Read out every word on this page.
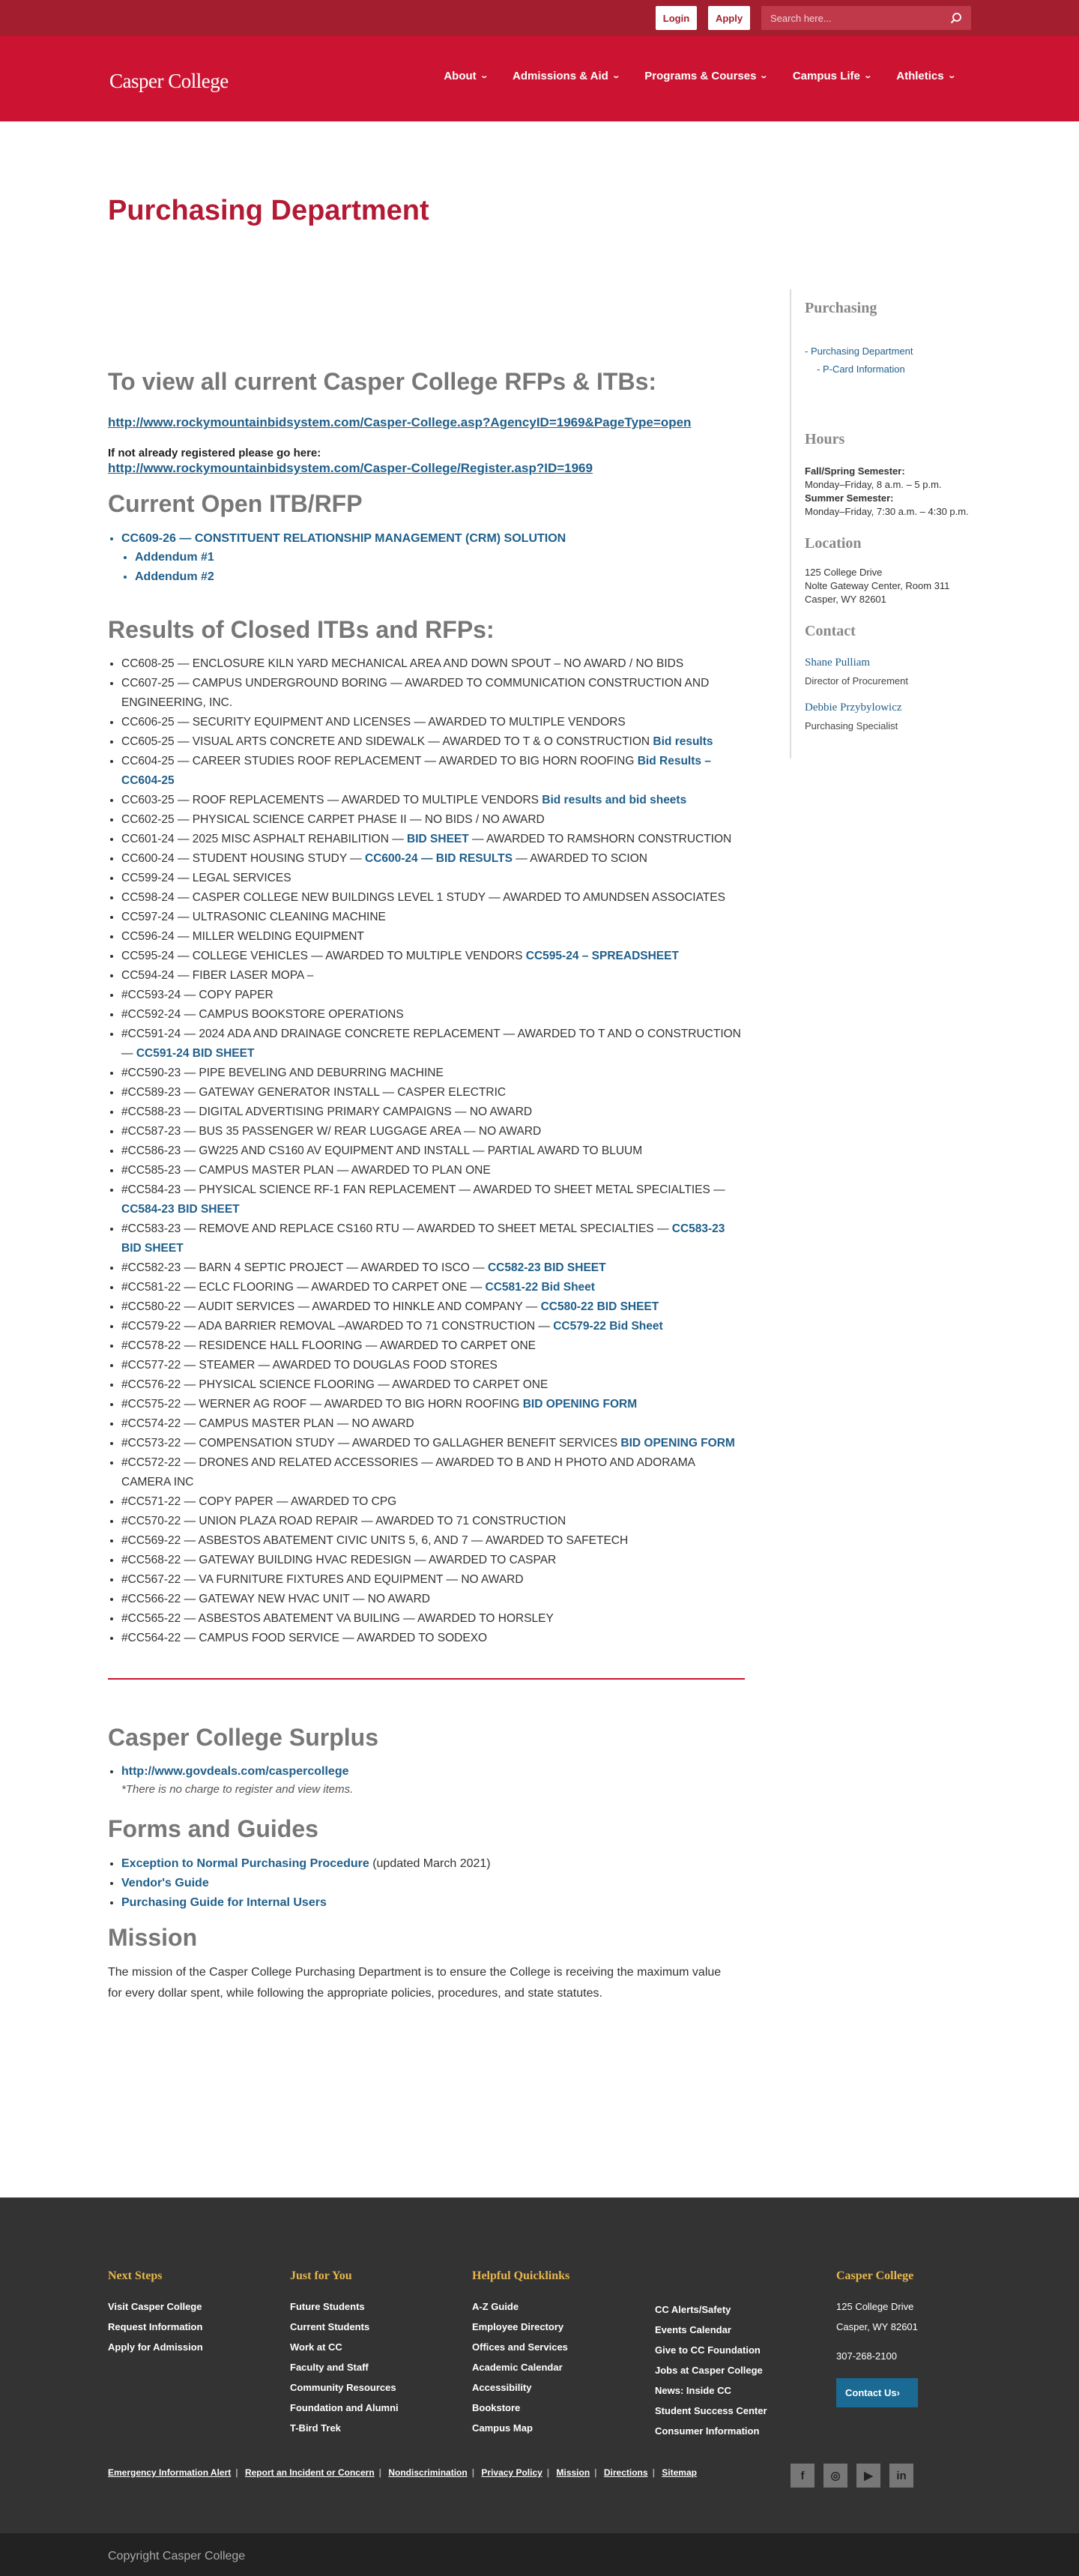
Login	Apply
Search here...
Casper College	About ⌄ Admissions & Aid ⌄ Programs & Courses ⌄ Campus Life ⌄ Athletics ⌄
Purchasing Department
To view all current Casper College RFPs & ITBs:
http://www.rockymountainbidsystem.com/Casper-College.asp?AgencyID=1969&PageType=open

If not already registered please go here:

http://www.rockymountainbidsystem.com/Casper-College/Register.asp?ID=1969
Current Open ITB/RFP
• CC609-26 — CONSTITUENT RELATIONSHIP MANAGEMENT (CRM) SOLUTION
• Addendum #1
• Addendum #2
Results of Closed ITBs and RFPs:
• CC608-25 — ENCLOSURE KILN YARD MECHANICAL AREA AND DOWN SPOUT – NO AWARD / NO BIDS
• CC607-25 — CAMPUS UNDERGROUND BORING — AWARDED TO COMMUNICATION CONSTRUCTION AND ENGINEERING, INC.
• CC606-25 — SECURITY EQUIPMENT AND LICENSES — AWARDED TO MULTIPLE VENDORS
• CC605-25 — VISUAL ARTS CONCRETE AND SIDEWALK — AWARDED TO T & O CONSTRUCTION Bid results
• CC604-25 — CAREER STUDIES ROOF REPLACEMENT — AWARDED TO BIG HORN ROOFING Bid Results – CC604-25
• CC603-25 — ROOF REPLACEMENTS — AWARDED TO MULTIPLE VENDORS Bid results and bid sheets
• CC602-25 — PHYSICAL SCIENCE CARPET PHASE II — NO BIDS / NO AWARD
• CC601-24 — 2025 MISC ASPHALT REHABILITION — BID SHEET — AWARDED TO RAMSHORN CONSTRUCTION
• CC600-24 — STUDENT HOUSING STUDY — CC600-24 — BID RESULTS — AWARDED TO SCION
• CC599-24 — LEGAL SERVICES
• CC598-24 — CASPER COLLEGE NEW BUILDINGS LEVEL 1 STUDY — AWARDED TO AMUNDSEN ASSOCIATES
• CC597-24 — ULTRASONIC CLEANING MACHINE
• CC596-24 — MILLER WELDING EQUIPMENT
• CC595-24 — COLLEGE VEHICLES — AWARDED TO MULTIPLE VENDORS CC595-24 – SPREADSHEET
• CC594-24 — FIBER LASER MOPA –
• #CC593-24 — COPY PAPER
• #CC592-24 — CAMPUS BOOKSTORE OPERATIONS
• #CC591-24 — 2024 ADA AND DRAINAGE CONCRETE REPLACEMENT — AWARDED TO T AND O CONSTRUCTION — CC591-24 BID SHEET
• #CC590-23 — PIPE BEVELING AND DEBURRING MACHINE
• #CC589-23 — GATEWAY GENERATOR INSTALL — CASPER ELECTRIC
• #CC588-23 — DIGITAL ADVERTISING PRIMARY CAMPAIGNS — NO AWARD
• #CC587-23 — BUS 35 PASSENGER W/ REAR LUGGAGE AREA — NO AWARD
• #CC586-23 — GW225 AND CS160 AV EQUIPMENT AND INSTALL — PARTIAL AWARD TO BLUUM
• #CC585-23 — CAMPUS MASTER PLAN — AWARDED TO PLAN ONE
• #CC584-23 — PHYSICAL SCIENCE RF-1 FAN REPLACEMENT — AWARDED TO SHEET METAL SPECIALTIES — CC584-23 BID SHEET
• #CC583-23 — REMOVE AND REPLACE CS160 RTU — AWARDED TO SHEET METAL SPECIALTIES — CC583-23 BID SHEET
• #CC582-23 — BARN 4 SEPTIC PROJECT — AWARDED TO ISCO — CC582-23 BID SHEET
• #CC581-22 — ECLC FLOORING — AWARDED TO CARPET ONE — CC581-22 Bid Sheet
• #CC580-22 — AUDIT SERVICES — AWARDED TO HINKLE AND COMPANY — CC580-22 BID SHEET
• #CC579-22 — ADA BARRIER REMOVAL –AWARDED TO 71 CONSTRUCTION — CC579-22 Bid Sheet
• #CC578-22 — RESIDENCE HALL FLOORING — AWARDED TO CARPET ONE
• #CC577-22 — STEAMER — AWARDED TO DOUGLAS FOOD STORES
• #CC576-22 — PHYSICAL SCIENCE FLOORING — AWARDED TO CARPET ONE
• #CC575-22 — WERNER AG ROOF — AWARDED TO BIG HORN ROOFING BID OPENING FORM
• #CC574-22 — CAMPUS MASTER PLAN — NO AWARD
• #CC573-22 — COMPENSATION STUDY — AWARDED TO GALLAGHER BENEFIT SERVICES BID OPENING FORM
• #CC572-22 — DRONES AND RELATED ACCESSORIES — AWARDED TO B AND H PHOTO AND ADORAMA CAMERA INC
• #CC571-22 — COPY PAPER — AWARDED TO CPG
• #CC570-22 — UNION PLAZA ROAD REPAIR — AWARDED TO 71 CONSTRUCTION
• #CC569-22 — ASBESTOS ABATEMENT CIVIC UNITS 5, 6, AND 7 — AWARDED TO SAFETECH
• #CC568-22 — GATEWAY BUILDING HVAC REDESIGN — AWARDED TO CASPAR
• #CC567-22 — VA FURNITURE FIXTURES AND EQUIPMENT — NO AWARD
• #CC566-22 — GATEWAY NEW HVAC UNIT — NO AWARD
• #CC565-22 — ASBESTOS ABATEMENT VA BUILING — AWARDED TO HORSLEY
• #CC564-22 — CAMPUS FOOD SERVICE — AWARDED TO SODEXO
Casper College Surplus
• http://www.govdeals.com/caspercollege

*There is no charge to register and view items.

Forms and Guides
• Exception to Normal Purchasing Procedure (updated March 2021)
• Vendor's Guide
• Purchasing Guide for Internal Users
Mission

The mission of the Casper College Purchasing Department is to ensure the College is receiving the maximum value for every dollar spent, while following the appropriate policies, procedures, and state statutes.

Purchasing
- Purchasing Department
- P-Card Information
Hours

Fall/Spring Semester:

Monday–Friday, 8 a.m. – 5 p.m.

Summer Semester:

Monday–Friday, 7:30 a.m. – 4:30 p.m.

Location

125 College Drive

Nolte Gateway Center, Room 311

Casper, WY 82601

Contact
Shane Pulliam

Director of Procurement

Debbie Przybylowicz

Purchasing Specialist

Next Steps
Visit Casper College
Request Information
Apply for Admission
Just for You
Future Students
Current Students
Work at CC
Faculty and Staff
Community Resources
Foundation and Alumni
T-Bird Trek
Helpful Quicklinks
A-Z Guide
Employee Directory
Offices and Services
Academic Calendar
Accessibility
Bookstore
Campus Map
CC Alerts/Safety
Events Calendar
Give to CC Foundation
Jobs at Casper College
News: Inside CC
Student Success Center
Consumer Information
Casper College

125 College Drive

Casper, WY 82601

307-268-2100

Contact Us›
Emergency Information Alert | Report an Incident or Concern | Nondiscrimination | Privacy Policy | Mission | Directions | Sitemap	f	◎	▶	in
Copyright Casper College
